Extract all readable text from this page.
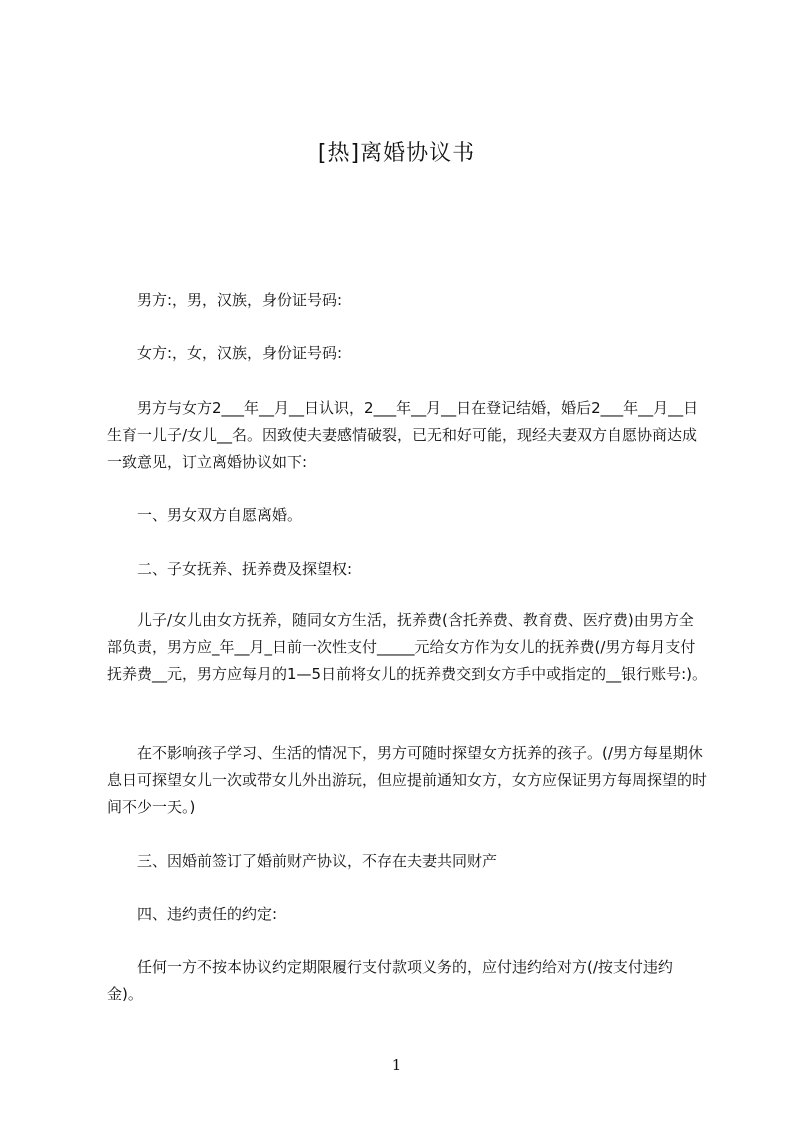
[热]离婚协议书

男方:，男，汉族，身份证号码:

女方:，女，汉族，身份证号码:

男方与女方2___年__月__日认识，2___年__月__日在登记结婚，婚后2___年__月__日生育一儿子/女儿__名。因致使夫妻感情破裂，已无和好可能，现经夫妻双方自愿协商达成一致意见，订立离婚协议如下:

一、男女双方自愿离婚。

二、子女抚养、抚养费及探望权:

儿子/女儿由女方抚养，随同女方生活，抚养费(含托养费、教育费、医疗费)由男方全部负责，男方应_年__月_日前一次性支付_____元给女方作为女儿的抚养费(/男方每月支付抚养费__元，男方应每月的1—5日前将女儿的抚养费交到女方手中或指定的__银行账号:)。

在不影响孩子学习、生活的情况下，男方可随时探望女方抚养的孩子。(/男方每星期休息日可探望女儿一次或带女儿外出游玩，但应提前通知女方，女方应保证男方每周探望的时间不少一天。)

三、因婚前签订了婚前财产协议，不存在夫妻共同财产

四、违约责任的约定:

任何一方不按本协议约定期限履行支付款项义务的，应付违约给对方(/按支付违约金)。

1
